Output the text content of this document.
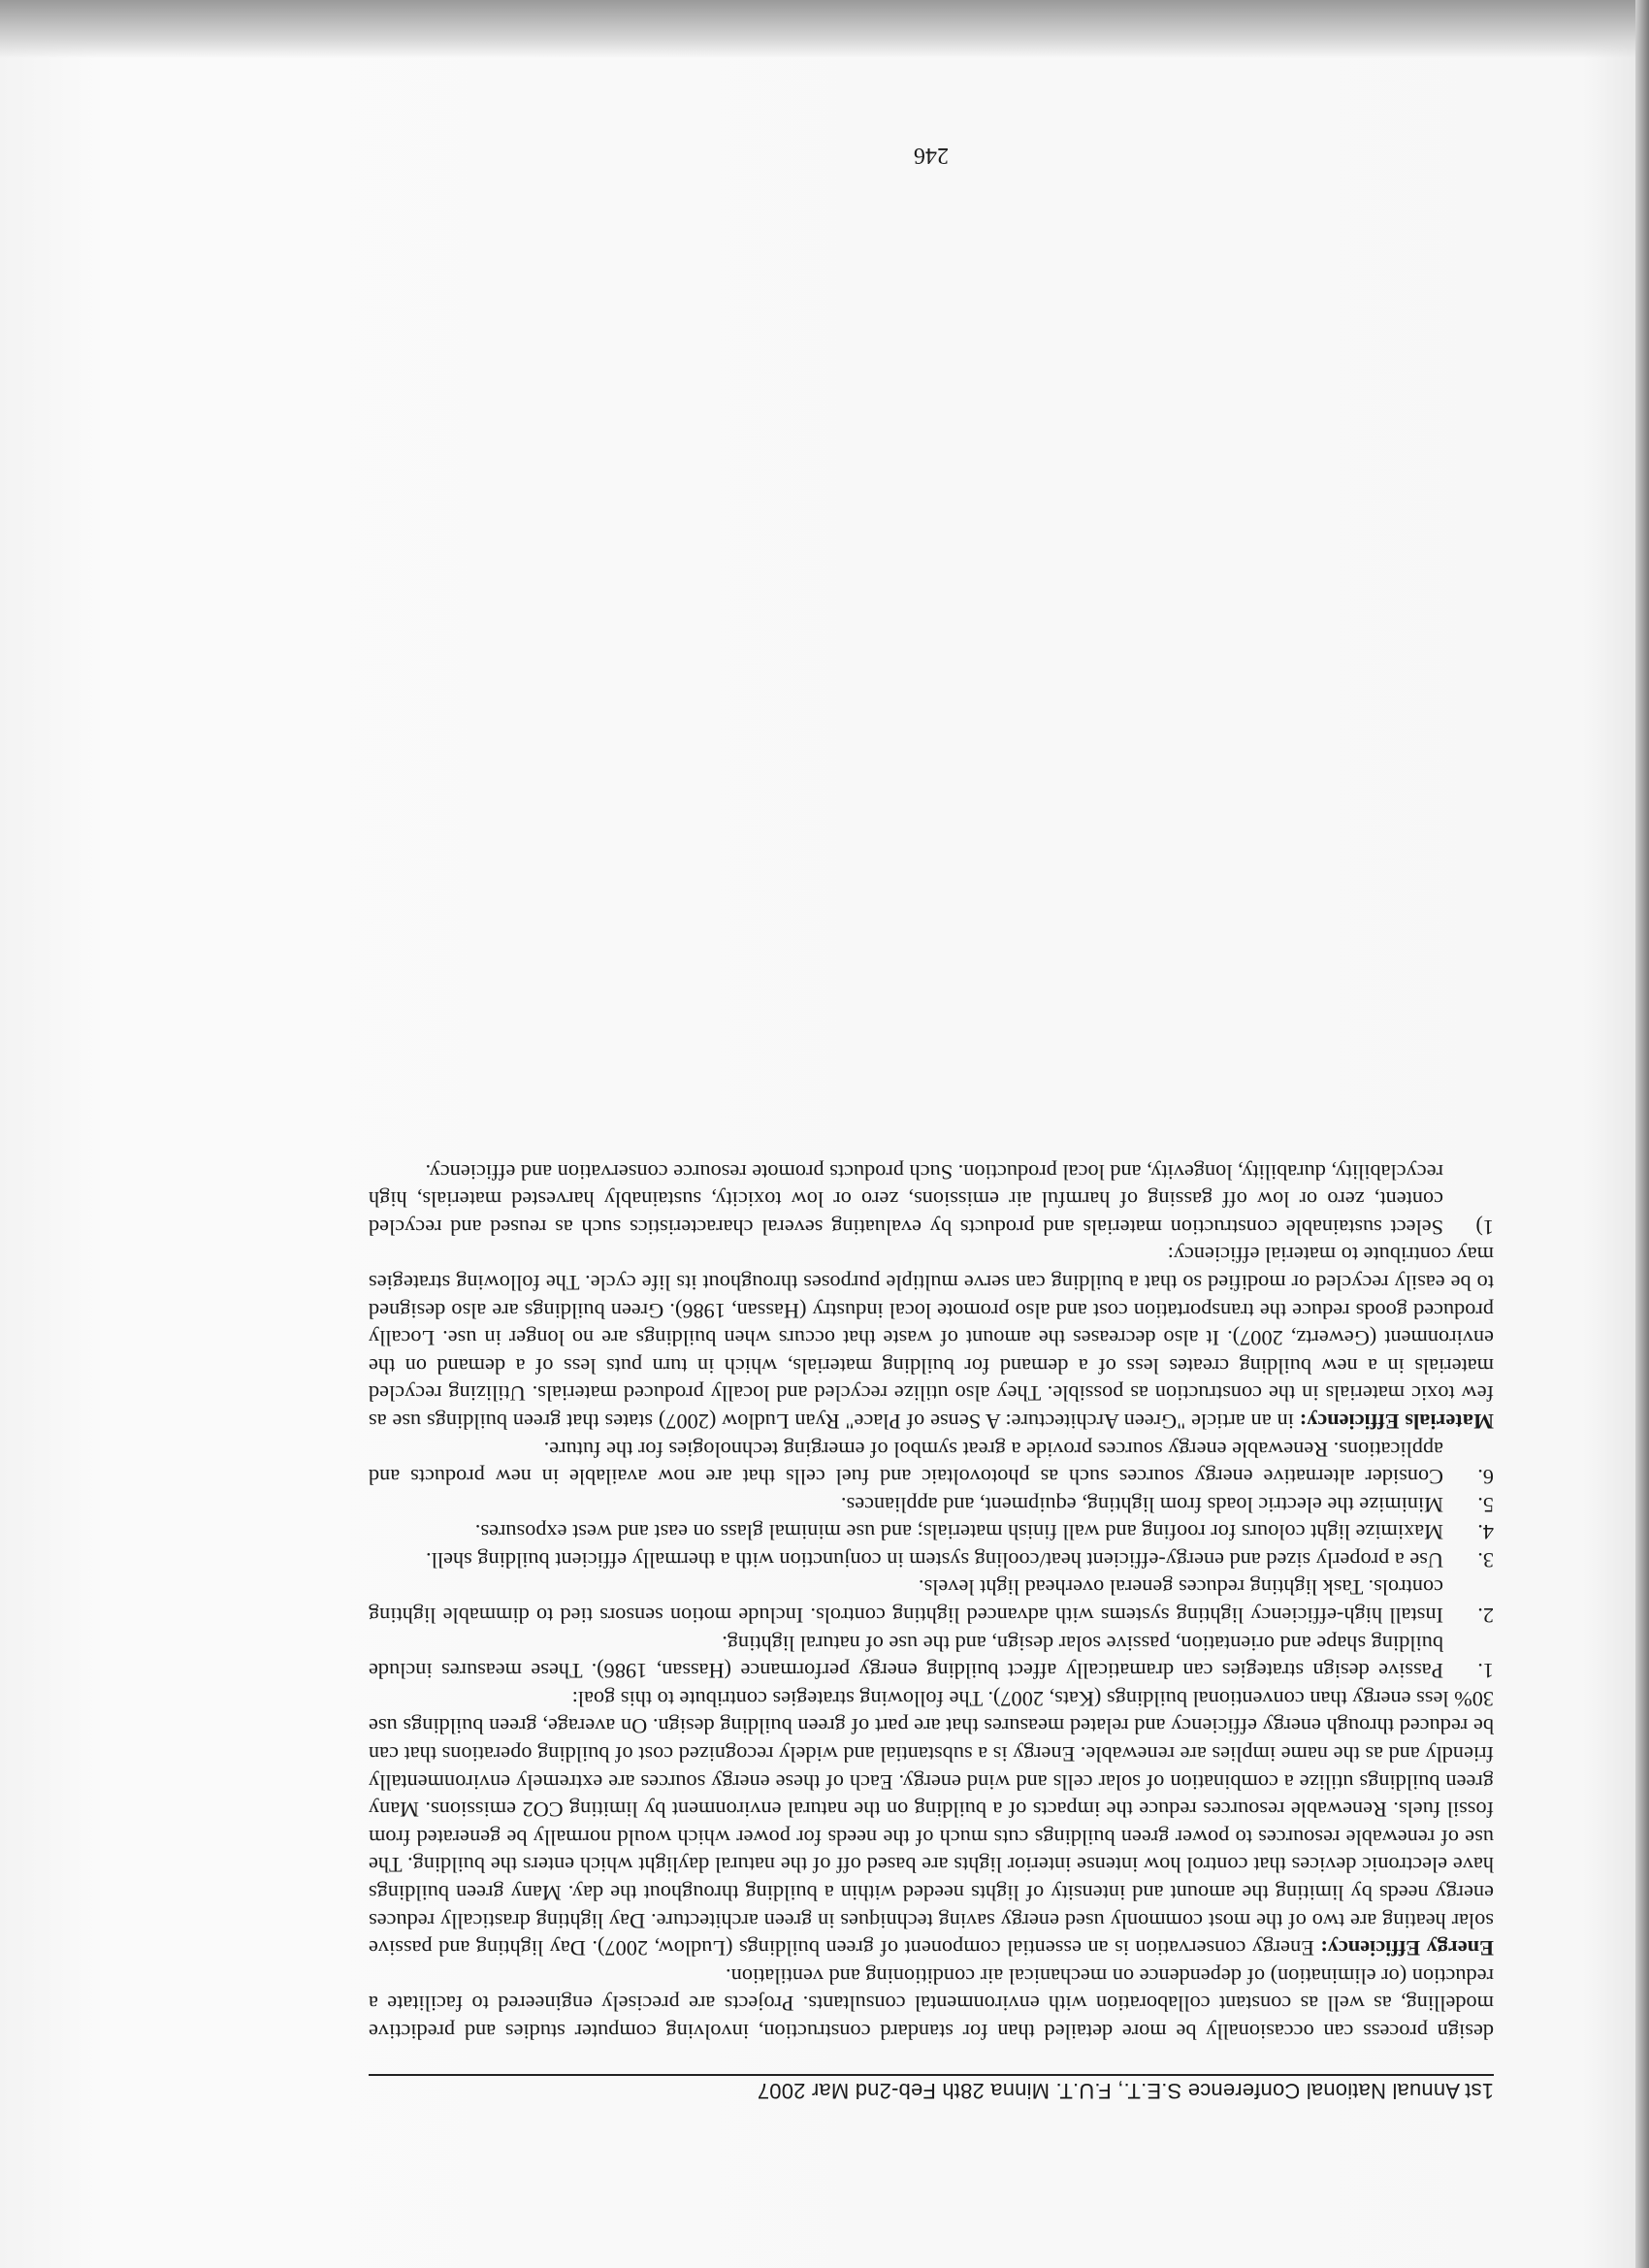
1st Annual National Conference S.E.T., F.U.T. Minna 28th Feb-2nd Mar 2007

design process can occasionally be more detailed than for standard construction, involving computer studies and predictive modelling, as well as constant collaboration with environmental consultants. Projects are precisely engineered to facilitate a reduction (or elimination) of dependence on mechanical air conditioning and ventilation.

Energy Efficiency: Energy conservation is an essential component of green buildings (Ludlow, 2007). Day lighting and passive solar heating are two of the most commonly used energy saving techniques in green architecture. Day lighting drastically reduces energy needs by limiting the amount and intensity of lights needed within a building throughout the day. Many green buildings have electronic devices that control how intense interior lights are based off of the natural daylight which enters the building. The use of renewable resources to power green buildings cuts much of the needs for power which would normally be generated from fossil fuels. Renewable resources reduce the impacts of a building on the natural environment by limiting CO2 emissions. Many green buildings utilize a combination of solar cells and wind energy. Each of these energy sources are extremely environmentally friendly and as the name implies are renewable. Energy is a substantial and widely recognized cost of building operations that can be reduced through energy efficiency and related measures that are part of green building design. On average, green buildings use 30% less energy than conventional buildings (Kats, 2007). The following strategies contribute to this goal:

1.
Passive design strategies can dramatically affect building energy performance (Hassan, 1986). These measures include building shape and orientation, passive solar design, and the use of natural lighting.
2.
Install high-efficiency lighting systems with advanced lighting controls. Include motion sensors tied to dimmable lighting controls. Task lighting reduces general overhead light levels.
3.
Use a properly sized and energy-efficient heat/cooling system in conjunction with a thermally efficient building shell.
4.
Maximize light colours for roofing and wall finish materials; and use minimal glass on east and west exposures.
5.
Minimize the electric loads from lighting, equipment, and appliances.
6.
Consider alternative energy sources such as photovoltaic and fuel cells that are now available in new products and applications. Renewable energy sources provide a great symbol of emerging technologies for the future.

Materials Efficiency: in an article "Green Architecture: A Sense of Place" Ryan Ludlow (2007) states that green buildings use as few toxic materials in the construction as possible. They also utilize recycled and locally produced materials. Utilizing recycled materials in a new building creates less of a demand for building materials, which in turn puts less of a demand on the environment (Gewertz, 2007). It also decreases the amount of waste that occurs when buildings are no longer in use. Locally produced goods reduce the transportation cost and also promote local industry (Hassan, 1986). Green buildings are also designed to be easily recycled or modified so that a building can serve multiple purposes throughout its life cycle. The following strategies may contribute to material efficiency:

1)
Select sustainable construction materials and products by evaluating several characteristics such as reused and recycled content, zero or low off gassing of harmful air emissions, zero or low toxicity, sustainably harvested materials, high recyclability, durability, longevity, and local production. Such products promote resource conservation and efficiency.
246
